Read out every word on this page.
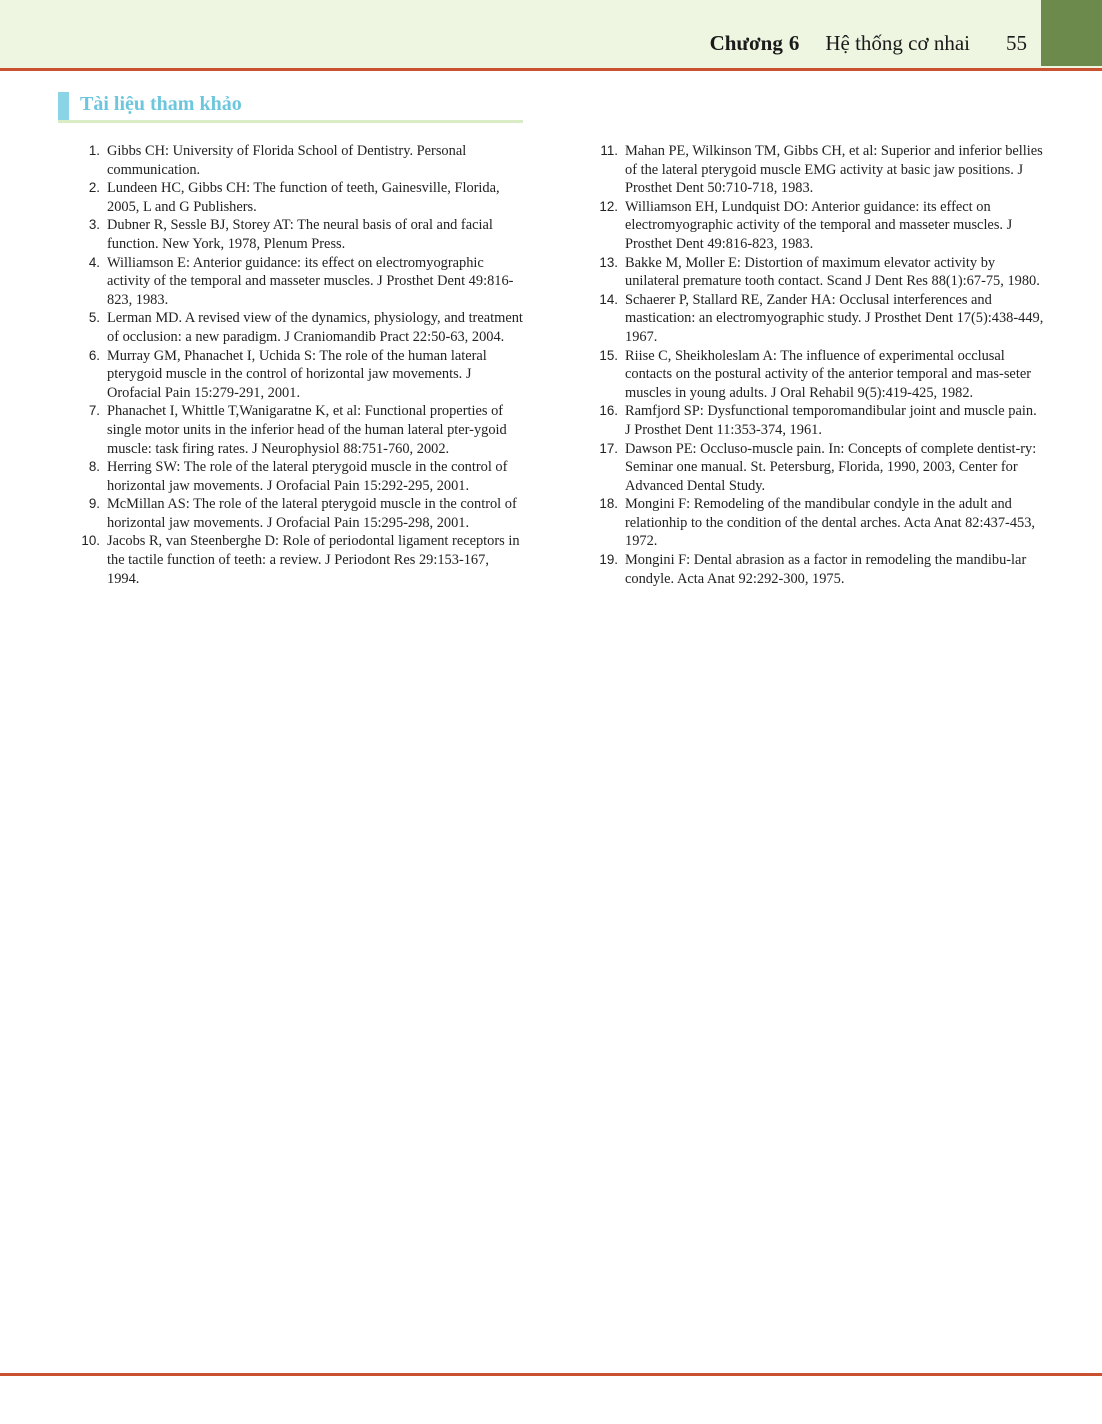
Chương 6 Hệ thống cơ nhai 55
Tài liệu tham khảo
1. Gibbs CH: University of Florida School of Dentistry. Personal communication.
2. Lundeen HC, Gibbs CH: The function of teeth, Gainesville, Florida, 2005, L and G Publishers.
3. Dubner R, Sessle BJ, Storey AT: The neural basis of oral and facial function. New York, 1978, Plenum Press.
4. Williamson E: Anterior guidance: its effect on electromyographic activity of the temporal and masseter muscles. J Prosthet Dent 49:816-823, 1983.
5. Lerman MD. A revised view of the dynamics, physiology, and treatment of occlusion: a new paradigm. J Craniomandib Pract 22:50-63, 2004.
6. Murray GM, Phanachet I, Uchida S: The role of the human lateral pterygoid muscle in the control of horizontal jaw movements. J Orofacial Pain 15:279-291, 2001.
7. Phanachet I, Whittle T,Wanigaratne K, et al: Functional properties of single motor units in the inferior head of the human lateral pter-ygoid muscle: task firing rates. J Neurophysiol 88:751-760, 2002.
8. Herring SW: The role of the lateral pterygoid muscle in the control of horizontal jaw movements. J Orofacial Pain 15:292-295, 2001.
9. McMillan AS: The role of the lateral pterygoid muscle in the control of horizontal jaw movements. J Orofacial Pain 15:295-298, 2001.
10. Jacobs R, van Steenberghe D: Role of periodontal ligament receptors in the tactile function of teeth: a review. J Periodont Res 29:153-167, 1994.
11. Mahan PE, Wilkinson TM, Gibbs CH, et al: Superior and inferior bellies of the lateral pterygoid muscle EMG activity at basic jaw positions. J Prosthet Dent 50:710-718, 1983.
12. Williamson EH, Lundquist DO: Anterior guidance: its effect on electromyographic activity of the temporal and masseter muscles. J Prosthet Dent 49:816-823, 1983.
13. Bakke M, Moller E: Distortion of maximum elevator activity by unilateral premature tooth contact. Scand J Dent Res 88(1):67-75, 1980.
14. Schaerer P, Stallard RE, Zander HA: Occlusal interferences and mastication: an electromyographic study. J Prosthet Dent 17(5):438-449, 1967.
15. Riise C, Sheikholeslam A: The influence of experimental occlusal contacts on the postural activity of the anterior temporal and mas-seter muscles in young adults. J Oral Rehabil 9(5):419-425, 1982.
16. Ramfjord SP: Dysfunctional temporomandibular joint and muscle pain. J Prosthet Dent 11:353-374, 1961.
17. Dawson PE: Occluso-muscle pain. In: Concepts of complete dentist-ry: Seminar one manual. St. Petersburg, Florida, 1990, 2003, Center for Advanced Dental Study.
18. Mongini F: Remodeling of the mandibular condyle in the adult and relationhip to the condition of the dental arches. Acta Anat 82:437-453, 1972.
19. Mongini F: Dental abrasion as a factor in remodeling the mandibu-lar condyle. Acta Anat 92:292-300, 1975.
